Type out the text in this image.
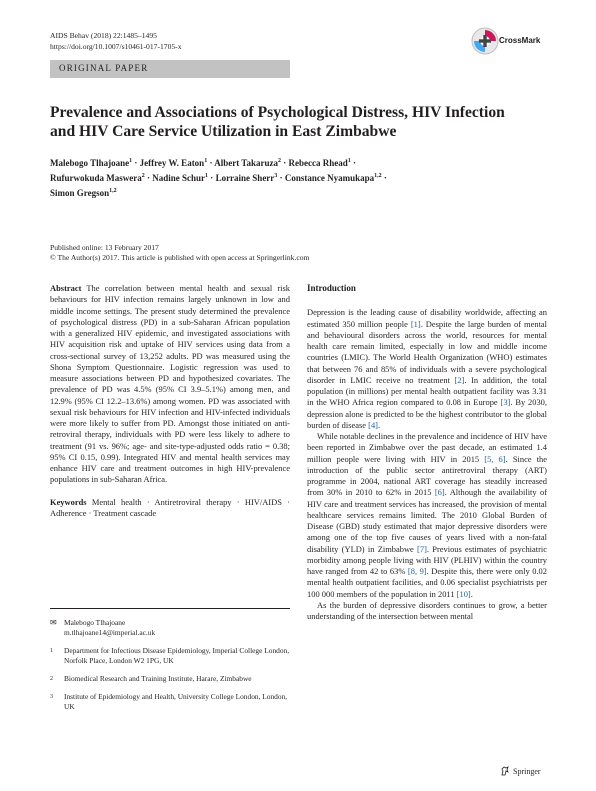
AIDS Behav (2018) 22:1485–1495
https://doi.org/10.1007/s10461-017-1705-x
CrossMark
ORIGINAL PAPER
Prevalence and Associations of Psychological Distress, HIV Infection and HIV Care Service Utilization in East Zimbabwe
Malebogo Tlhajoane$^1$ · Jeffrey W. Eaton$^1$ · Albert Takaruza$^2$ · Rebecca Rhead$^1$ ·
Rufurwokuda Maswera$^2$ · Nadine Schur$^1$ · Lorraine Sherr$^3$ · Constance Nyamukapa$^{1,2}$ ·
Simon Gregson$^{1,2}$
Published online: 13 February 2017
© The Author(s) 2017. This article is published with open access at Springerlink.com
Abstract The correlation between mental health and sexual risk behaviours for HIV infection remains largely unknown in low and middle income settings. The present study determined the prevalence of psychological distress (PD) in a sub-Saharan African population with a generalized HIV epidemic, and investigated associations with HIV acquisition risk and uptake of HIV services using data from a cross-sectional survey of 13,252 adults. PD was measured using the Shona Symptom Questionnaire. Logistic regression was used to measure associations between PD and hypothesized covariates. The prevalence of PD was 4.5% (95% CI 3.9–5.1%) among men, and 12.9% (95% CI 12.2–13.6%) among women. PD was associated with sexual risk behaviours for HIV infection and HIV-infected individuals were more likely to suffer from PD. Amongst those initiated on anti-retroviral therapy, individuals with PD were less likely to adhere to treatment (91 vs. 96%; age- and site-type-adjusted odds ratio = 0.38; 95% CI 0.15, 0.99). Integrated HIV and mental health services may enhance HIV care and treatment outcomes in high HIV-prevalence populations in sub-Saharan Africa.
Keywords Mental health · Antiretroviral therapy · HIV/AIDS · Adherence · Treatment cascade
✉ Malebogo Tlhajoane
m.tlhajoane14@imperial.ac.uk
1	Department for Infectious Disease Epidemiology, Imperial College London, Norfolk Place, London W2 1PG, UK
2	Biomedical Research and Training Institute, Harare, Zimbabwe
3	Institute of Epidemiology and Health, University College London, London, UK
Introduction

Depression is the leading cause of disability worldwide, affecting an estimated 350 million people [1]. Despite the large burden of mental and behavioural disorders across the world, resources for mental health care remain limited, especially in low and middle income countries (LMIC). The World Health Organization (WHO) estimates that between 76 and 85% of individuals with a severe psychological disorder in LMIC receive no treatment [2]. In addition, the total population (in millions) per mental health outpatient facility was 3.31 in the WHO Africa region compared to 0.08 in Europe [3]. By 2030, depression alone is predicted to be the highest contributor to the global burden of disease [4].

While notable declines in the prevalence and incidence of HIV have been reported in Zimbabwe over the past decade, an estimated 1.4 million people were living with HIV in 2015 [5, 6]. Since the introduction of the public sector antiretroviral therapy (ART) programme in 2004, national ART coverage has steadily increased from 30% in 2010 to 62% in 2015 [6]. Although the availability of HIV care and treatment services has increased, the provision of mental healthcare services remains limited. The 2010 Global Burden of Disease (GBD) study estimated that major depressive disorders were among one of the top five causes of years lived with a non-fatal disability (YLD) in Zimbabwe [7]. Previous estimates of psychiatric morbidity among people living with HIV (PLHIV) within the country have ranged from 42 to 63% [8, 9]. Despite this, there were only 0.02 mental health outpatient facilities, and 0.06 specialist psychiatrists per 100 000 members of the population in 2011 [10].

As the burden of depressive disorders continues to grow, a better understanding of the intersection between mental

Springer
